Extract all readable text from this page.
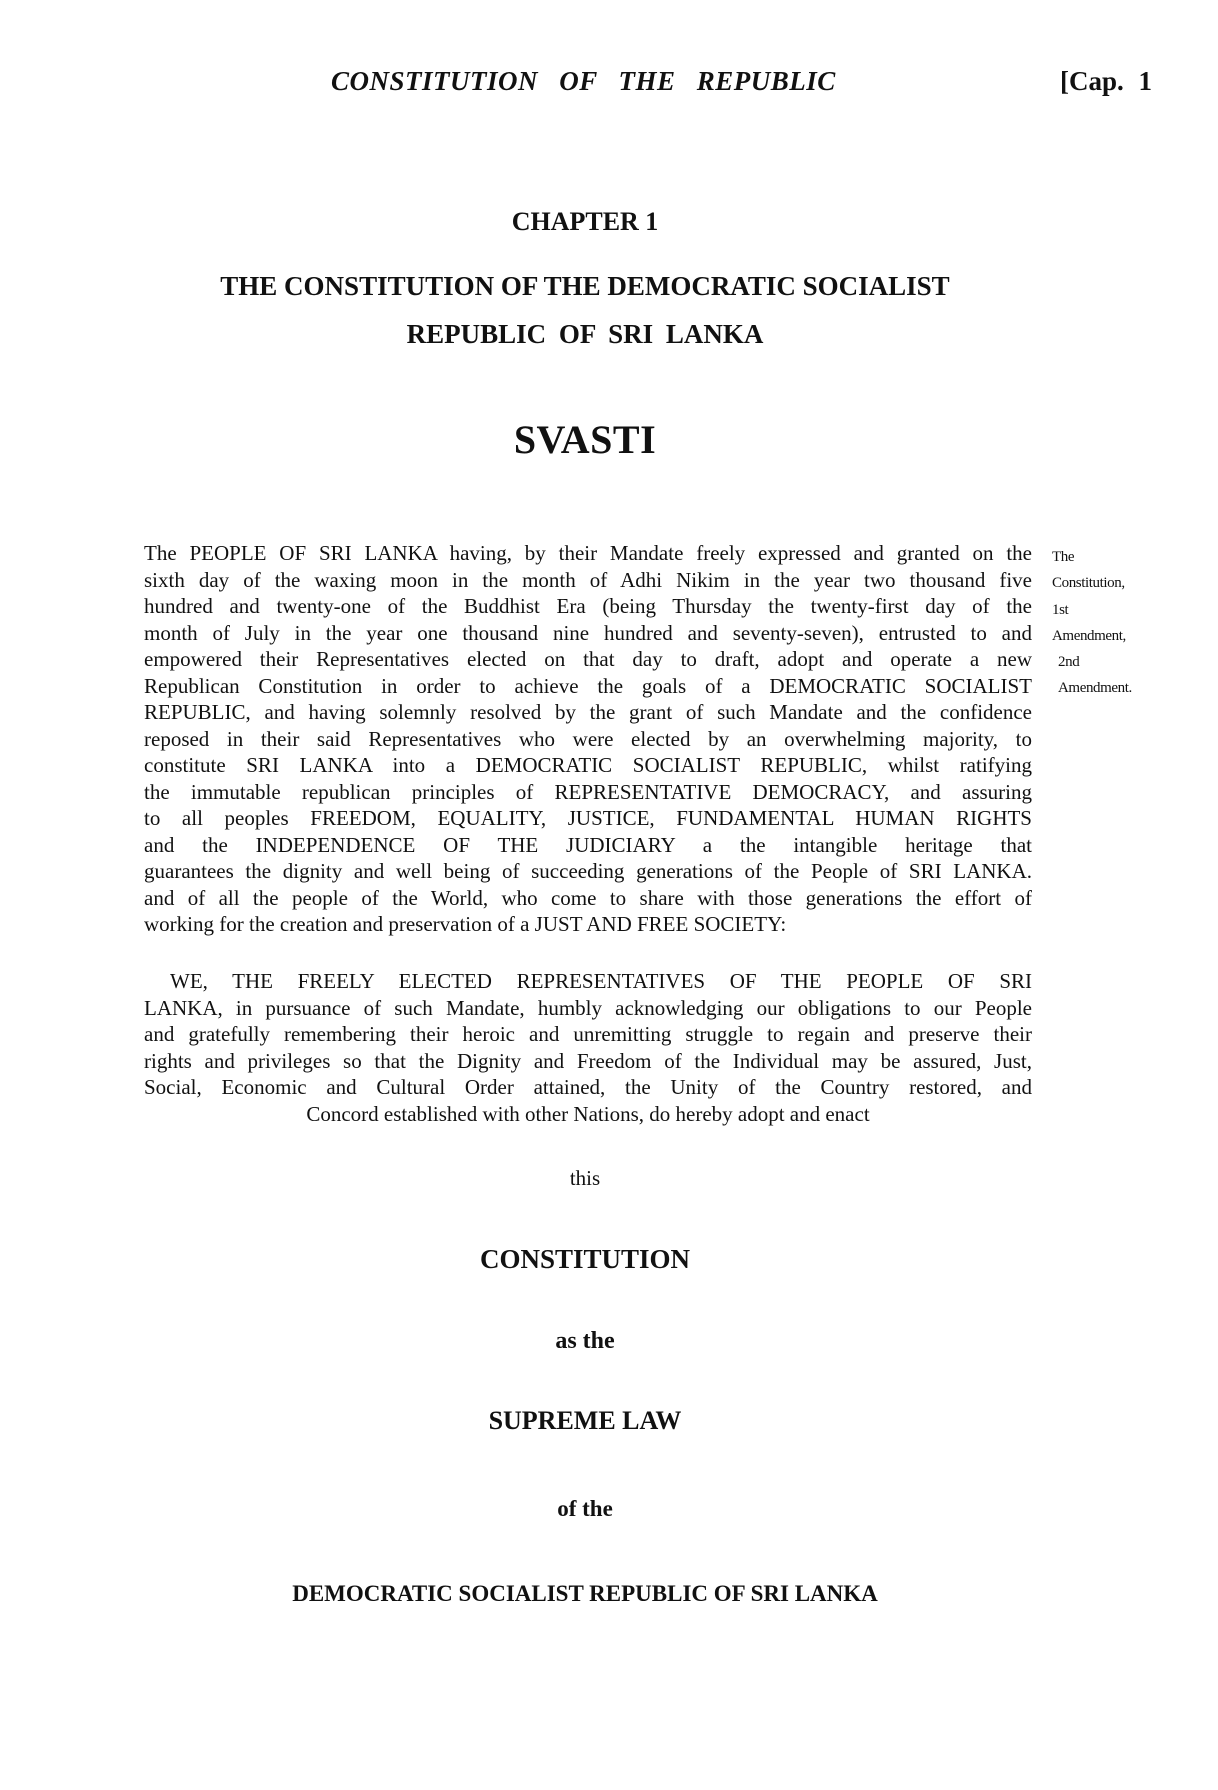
CONSTITUTION OF THE REPUBLIC	[Cap. 1
CHAPTER 1
THE CONSTITUTION OF THE DEMOCRATIC SOCIALIST
REPUBLIC OF SRI LANKA
SVASTI
The PEOPLE OF SRI LANKA having, by their Mandate freely expressed and granted on the
sixth day of the waxing moon in the month of Adhi Nikim in the year two thousand five
hundred and twenty-one of the Buddhist Era (being Thursday the twenty-first day of the
month of July in the year one thousand nine hundred and seventy-seven), entrusted to and
empowered their Representatives elected on that day to draft, adopt and operate a new
Republican Constitution in order to achieve the goals of a DEMOCRATIC SOCIALIST
REPUBLIC, and having solemnly resolved by the grant of such Mandate and the confidence
reposed in their said Representatives who were elected by an overwhelming majority, to
constitute SRI LANKA into a DEMOCRATIC SOCIALIST REPUBLIC, whilst ratifying
the immutable republican principles of REPRESENTATIVE DEMOCRACY, and assuring
to all peoples FREEDOM, EQUALITY, JUSTICE, FUNDAMENTAL HUMAN RIGHTS
and the INDEPENDENCE OF THE JUDICIARY a the intangible heritage that
guarantees the dignity and well being of succeeding generations of the People of SRI LANKA.
and of all the people of the World, who come to share with those generations the effort of
working for the creation and preservation of a JUST AND FREE SOCIETY:
The
Constitution,
1st
Amendment,
2nd
Amendment.
WE, THE FREELY ELECTED REPRESENTATIVES OF THE PEOPLE OF SRI
LANKA, in pursuance of such Mandate, humbly acknowledging our obligations to our People
and gratefully remembering their heroic and unremitting struggle to regain and preserve their
rights and privileges so that the Dignity and Freedom of the Individual may be assured, Just,
Social, Economic and Cultural Order attained, the Unity of the Country restored, and
Concord established with other Nations, do hereby adopt and enact
this
CONSTITUTION
as the
SUPREME LAW
of the
DEMOCRATIC SOCIALIST REPUBLIC OF SRI LANKA
